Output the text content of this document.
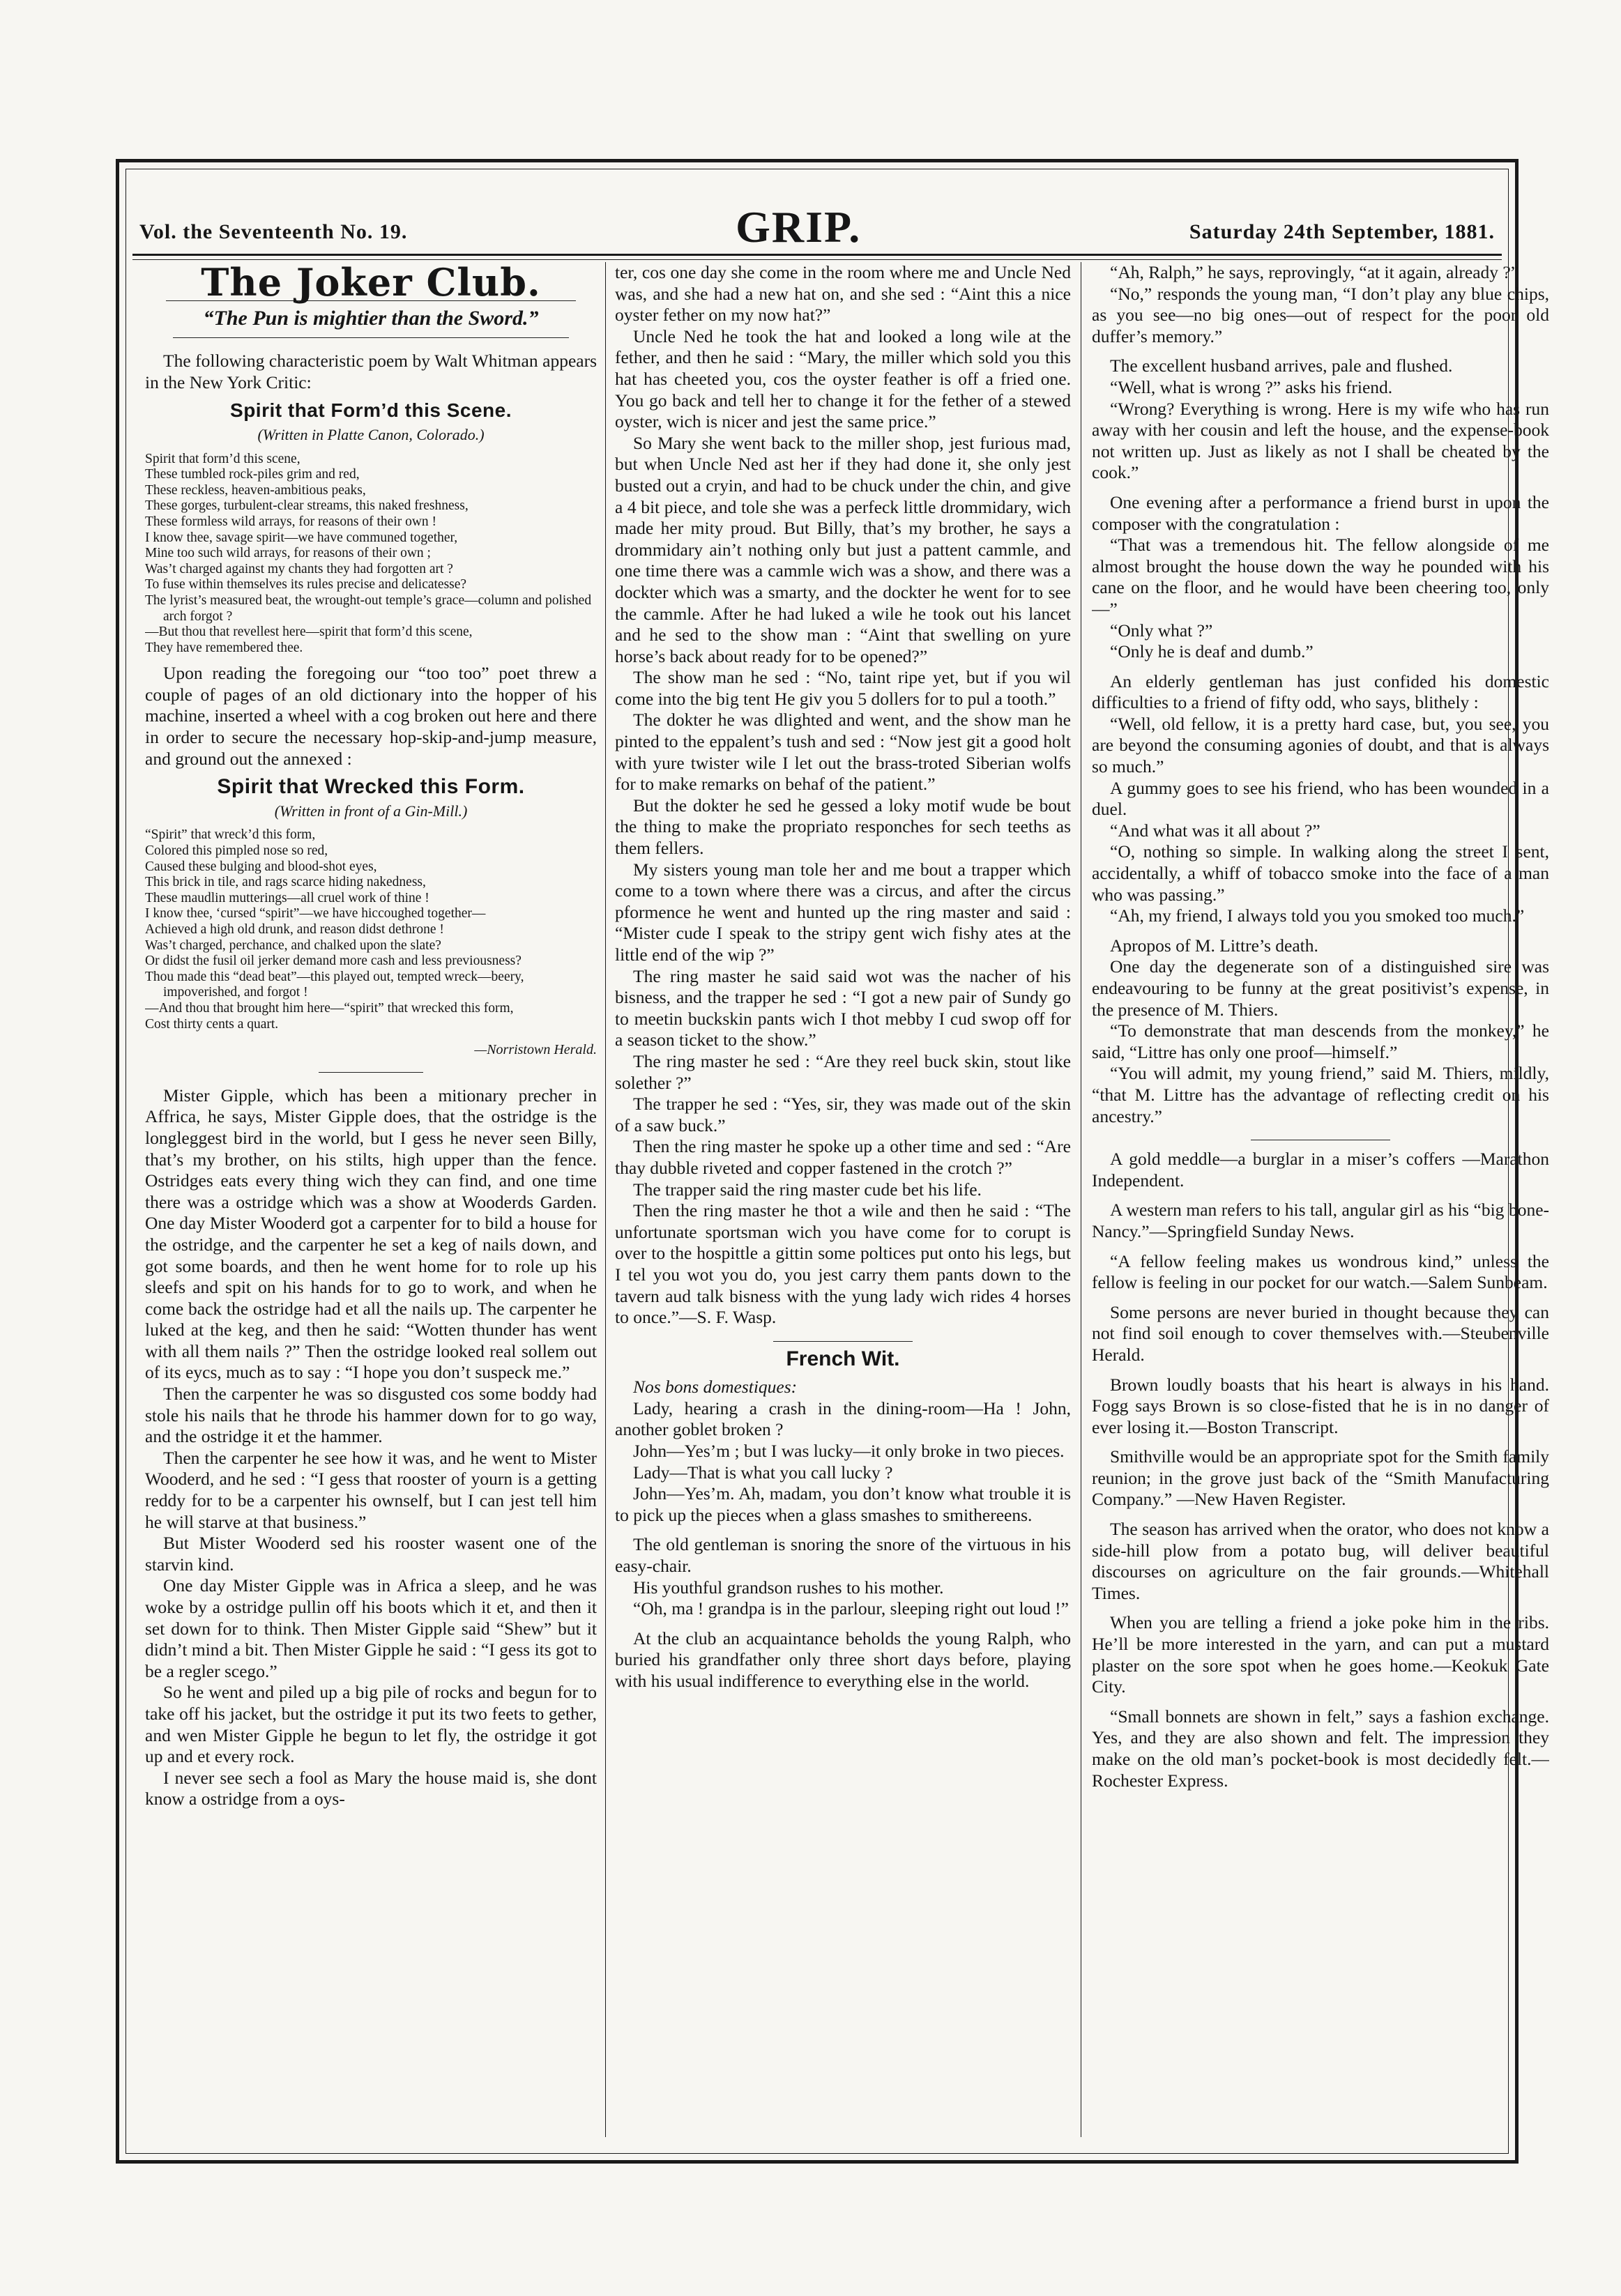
Vol. the Seventeenth No. 19.	GRIP.	Saturday 24th September, 1881.
The Joker Club.
“The Pun is mightier than the Sword.”

The following characteristic poem by Walt Whitman appears in the New York Critic:

Spirit that Form’d this Scene.
(Written in Platte Canon, Colorado.)
Spirit that form’d this scene,
These tumbled rock-piles grim and red,
These reckless, heaven-ambitious peaks,
These gorges, turbulent-clear streams, this naked freshness,
These formless wild arrays, for reasons of their own !
I know thee, savage spirit—we have communed together,
Mine too such wild arrays, for reasons of their own ;
Was’t charged against my chants they had forgotten art ?
To fuse within themselves its rules precise and delicatesse?
The lyrist’s measured beat, the wrought-out temple’s grace—column and polished arch forgot ?
—But thou that revellest here—spirit that form’d this scene,
They have remembered thee.

Upon reading the foregoing our “too too” poet threw a couple of pages of an old dictionary into the hopper of his machine, inserted a wheel with a cog broken out here and there in order to secure the necessary hop-skip-and-jump measure, and ground out the annexed :

Spirit that Wrecked this Form.
(Written in front of a Gin-Mill.)
“Spirit” that wreck’d this form,
Colored this pimpled nose so red,
Caused these bulging and blood-shot eyes,
This brick in tile, and rags scarce hiding nakedness,
These maudlin mutterings—all cruel work of thine !
I know thee, ‘cursed “spirit”—we have hiccoughed together—
Achieved a high old drunk, and reason didst dethrone !
Was’t charged, perchance, and chalked upon the slate?
Or didst the fusil oil jerker demand more cash and less previousness?
Thou made this “dead beat”—this played out, tempted wreck—beery, impoverished, and forgot !
—And thou that brought him here—“spirit” that wrecked this form,
Cost thirty cents a quart.
—Norristown Herald.

Mister Gipple, which has been a mitionary precher in Affrica, he says, Mister Gipple does, that the ostridge is the longleggest bird in the world, but I gess he never seen Billy, that’s my brother, on his stilts, high upper than the fence. Ostridges eats every thing wich they can find, and one time there was a ostridge which was a show at Wooderds Garden. One day Mister Wooderd got a carpenter for to bild a house for the ostridge, and the carpenter he set a keg of nails down, and got some boards, and then he went home for to role up his sleefs and spit on his hands for to go to work, and when he come back the ostridge had et all the nails up. The carpenter he luked at the keg, and then he said: “Wotten thunder has went with all them nails ?” Then the ostridge looked real sollem out of its eycs, much as to say : “I hope you don’t suspeck me.”

Then the carpenter he was so disgusted cos some boddy had stole his nails that he throde his hammer down for to go way, and the ostridge it et the hammer.

Then the carpenter he see how it was, and he went to Mister Wooderd, and he sed : “I gess that rooster of yourn is a getting reddy for to be a carpenter his ownself, but I can jest tell him he will starve at that business.”

But Mister Wooderd sed his rooster wasent one of the starvin kind.

One day Mister Gipple was in Africa a sleep, and he was woke by a ostridge pullin off his boots which it et, and then it set down for to think. Then Mister Gipple said “Shew” but it didn’t mind a bit. Then Mister Gipple he said : “I gess its got to be a regler scego.”

So he went and piled up a big pile of rocks and begun for to take off his jacket, but the ostridge it put its two feets to gether, and wen Mister Gipple he begun to let fly, the ostridge it got up and et every rock.

I never see sech a fool as Mary the house maid is, she dont know a ostridge from a oys-

ter, cos one day she come in the room where me and Uncle Ned was, and she had a new hat on, and she sed : “Aint this a nice oyster fether on my now hat?”

Uncle Ned he took the hat and looked a long wile at the fether, and then he said : “Mary, the miller which sold you this hat has cheeted you, cos the oyster feather is off a fried one. You go back and tell her to change it for the fether of a stewed oyster, wich is nicer and jest the same price.”

So Mary she went back to the miller shop, jest furious mad, but when Uncle Ned ast her if they had done it, she only jest busted out a cryin, and had to be chuck under the chin, and give a 4 bit piece, and tole she was a perfeck little drommidary, wich made her mity proud. But Billy, that’s my brother, he says a drommidary ain’t nothing only but just a pattent cammle, and one time there was a cammle wich was a show, and there was a dockter which was a smarty, and the dockter he went for to see the cammle. After he had luked a wile he took out his lancet and he sed to the show man : “Aint that swelling on yure horse’s back about ready for to be opened?”

The show man he sed : “No, taint ripe yet, but if you wil come into the big tent He giv you 5 dollers for to pul a tooth.”

The dokter he was dlighted and went, and the show man he pinted to the eppalent’s tush and sed : “Now jest git a good holt with yure twister wile I let out the brass-troted Siberian wolfs for to make remarks on behaf of the patient.”

But the dokter he sed he gessed a loky motif wude be bout the thing to make the propriato responches for sech teeths as them fellers.

My sisters young man tole her and me bout a trapper which come to a town where there was a circus, and after the circus pformence he went and hunted up the ring master and said : “Mister cude I speak to the stripy gent wich fishy ates at the little end of the wip ?”

The ring master he said said wot was the nacher of his bisness, and the trapper he sed : “I got a new pair of Sundy go to meetin buckskin pants wich I thot mebby I cud swop off for a season ticket to the show.”

The ring master he sed : “Are they reel buck skin, stout like solether ?”

The trapper he sed : “Yes, sir, they was made out of the skin of a saw buck.”

Then the ring master he spoke up a other time and sed : “Are thay dubble riveted and copper fastened in the crotch ?”

The trapper said the ring master cude bet his life.

Then the ring master he thot a wile and then he said : “The unfortunate sportsman wich you have come for to corupt is over to the hospittle a gittin some poltices put onto his legs, but I tel you wot you do, you jest carry them pants down to the tavern aud talk bisness with the yung lady wich rides 4 horses to once.”—S. F. Wasp.

French Wit.

Nos bons domestiques:

Lady, hearing a crash in the dining-room—Ha ! John, another goblet broken ?

John—Yes’m ; but I was lucky—it only broke in two pieces.

Lady—That is what you call lucky ?

John—Yes’m. Ah, madam, you don’t know what trouble it is to pick up the pieces when a glass smashes to smithereens.

The old gentleman is snoring the snore of the virtuous in his easy-chair.

His youthful grandson rushes to his mother.

“Oh, ma ! grandpa is in the parlour, sleeping right out loud !”

At the club an acquaintance beholds the young Ralph, who buried his grandfather only three short days before, playing with his usual indifference to everything else in the world.

“Ah, Ralph,” he says, reprovingly, “at it again, already ?”

“No,” responds the young man, “I don’t play any blue chips, as you see—no big ones—out of respect for the poor old duffer’s memory.”

The excellent husband arrives, pale and flushed.

“Well, what is wrong ?” asks his friend.

“Wrong? Everything is wrong. Here is my wife who has run away with her cousin and left the house, and the expense-book not written up. Just as likely as not I shall be cheated by the cook.”

One evening after a performance a friend burst in upon the composer with the congratulation :

“That was a tremendous hit. The fellow alongside of me almost brought the house down the way he pounded with his cane on the floor, and he would have been cheering too, only—”

“Only what ?”

“Only he is deaf and dumb.”

An elderly gentleman has just confided his domestic difficulties to a friend of fifty odd, who says, blithely :

“Well, old fellow, it is a pretty hard case, but, you see, you are beyond the consuming agonies of doubt, and that is always so much.”

A gummy goes to see his friend, who has been wounded in a duel.

“And what was it all about ?”

“O, nothing so simple. In walking along the street I sent, accidentally, a whiff of tobacco smoke into the face of a man who was passing.”

“Ah, my friend, I always told you you smoked too much.”

Apropos of M. Littre’s death.

One day the degenerate son of a distinguished sire was endeavouring to be funny at the great positivist’s expense, in the presence of M. Thiers.

“To demonstrate that man descends from the monkey,” he said, “Littre has only one proof—himself.”

“You will admit, my young friend,” said M. Thiers, mildly, “that M. Littre has the advantage of reflecting credit on his ancestry.”

A gold meddle—a burglar in a miser’s coffers —Marathon Independent.

A western man refers to his tall, angular girl as his “big bone-Nancy.”—Springfield Sunday News.

“A fellow feeling makes us wondrous kind,” unless the fellow is feeling in our pocket for our watch.—Salem Sunbeam.

Some persons are never buried in thought because they can not find soil enough to cover themselves with.—Steubenville Herald.

Brown loudly boasts that his heart is always in his hand. Fogg says Brown is so close-fisted that he is in no danger of ever losing it.—Boston Transcript.

Smithville would be an appropriate spot for the Smith family reunion; in the grove just back of the “Smith Manufacturing Company.” —New Haven Register.

The season has arrived when the orator, who does not know a side-hill plow from a potato bug, will deliver beautiful discourses on agriculture on the fair grounds.—Whitehall Times.

When you are telling a friend a joke poke him in the ribs. He’ll be more interested in the yarn, and can put a mustard plaster on the sore spot when he goes home.—Keokuk Gate City.

“Small bonnets are shown in felt,” says a fashion exchange. Yes, and they are also shown and felt. The impression they make on the old man’s pocket-book is most decidedly felt.—Rochester Express.
